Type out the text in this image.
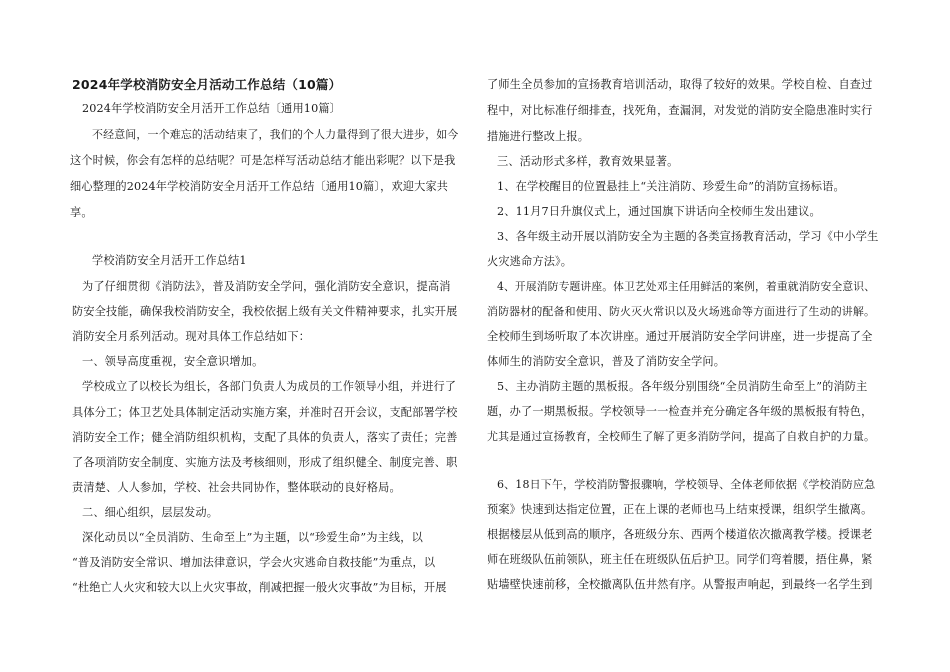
2024年学校消防安全月活动工作总结（10篇）
2024年学校消防安全月活开工作总结〔通用10篇〕
不经意间，一个难忘的活动结束了，我们的个人力量得到了很大进步，如今
这个时候，你会有怎样的总结呢？可是怎样写活动总结才能出彩呢？以下是我
细心整理的2024年学校消防安全月活开工作总结〔通用10篇〕，欢迎大家共
享。
学校消防安全月活开工作总结1
为了仔细贯彻《消防法》，普及消防安全学问，强化消防安全意识，提高消
防安全技能，确保我校消防安全，我校依据上级有关文件精神要求，扎实开展
消防安全月系列活动。现对具体工作总结如下：
一、领导高度重视，安全意识增加。
学校成立了以校长为组长，各部门负责人为成员的工作领导小组，并进行了
具体分工；体卫艺处具体制定活动实施方案，并准时召开会议，支配部署学校
消防安全工作；健全消防组织机构，支配了具体的负责人，落实了责任；完善
了各项消防安全制度、实施方法及考核细则，形成了组织健全、制度完善、职
责清楚、人人参加，学校、社会共同协作，整体联动的良好格局。
二、细心组织，层层发动。
深化动员以“全员消防、生命至上”为主题，以“珍爱生命”为主线，以
“普及消防安全常识、增加法律意识，学会火灾逃命自救技能”为重点，以
“杜绝亡人火灾和较大以上火灾事故，削减把握一般火灾事故”为目标，开展
了师生全员参加的宣扬教育培训活动，取得了较好的效果。学校自检、自查过
程中，对比标准仔细排查，找死角，查漏洞，对发觉的消防安全隐患准时实行
措施进行整改上报。
三、活动形式多样，教育效果显著。
1、在学校醒目的位置悬挂上“关注消防、珍爱生命”的消防宣扬标语。
2、11月7日升旗仪式上，通过国旗下讲话向全校师生发出建议。
3、各年级主动开展以消防安全为主题的各类宣扬教育活动，学习《中小学生
火灾逃命方法》。
4、开展消防专题讲座。体卫艺处邓主任用鲜活的案例，着重就消防安全意识、
消防器材的配备和使用、防火灭火常识以及火场逃命等方面进行了生动的讲解。
全校师生到场听取了本次讲座。通过开展消防安全学问讲座，进一步提高了全
体师生的消防安全意识，普及了消防安全学问。
5、主办消防主题的黑板报。各年级分别围绕“全员消防生命至上”的消防主
题，办了一期黑板报。学校领导一一检查并充分确定各年级的黑板报有特色，
尤其是通过宣扬教育，全校师生了解了更多消防学问，提高了自救自护的力量。
6、18日下午，学校消防警报骤响，学校领导、全体老师依据《学校消防应急
预案》快速到达指定位置，正在上课的老师也马上结束授课，组织学生撤离。
根据楼层从低到高的顺序，各班级分东、西两个楼道依次撤离教学楼。授课老
师在班级队伍前领队，班主任在班级队伍后护卫。同学们弯着腰，捂住鼻，紧
贴墙壁快速前移，全校撤离队伍井然有序。从警报声响起，到最终一名学生到
